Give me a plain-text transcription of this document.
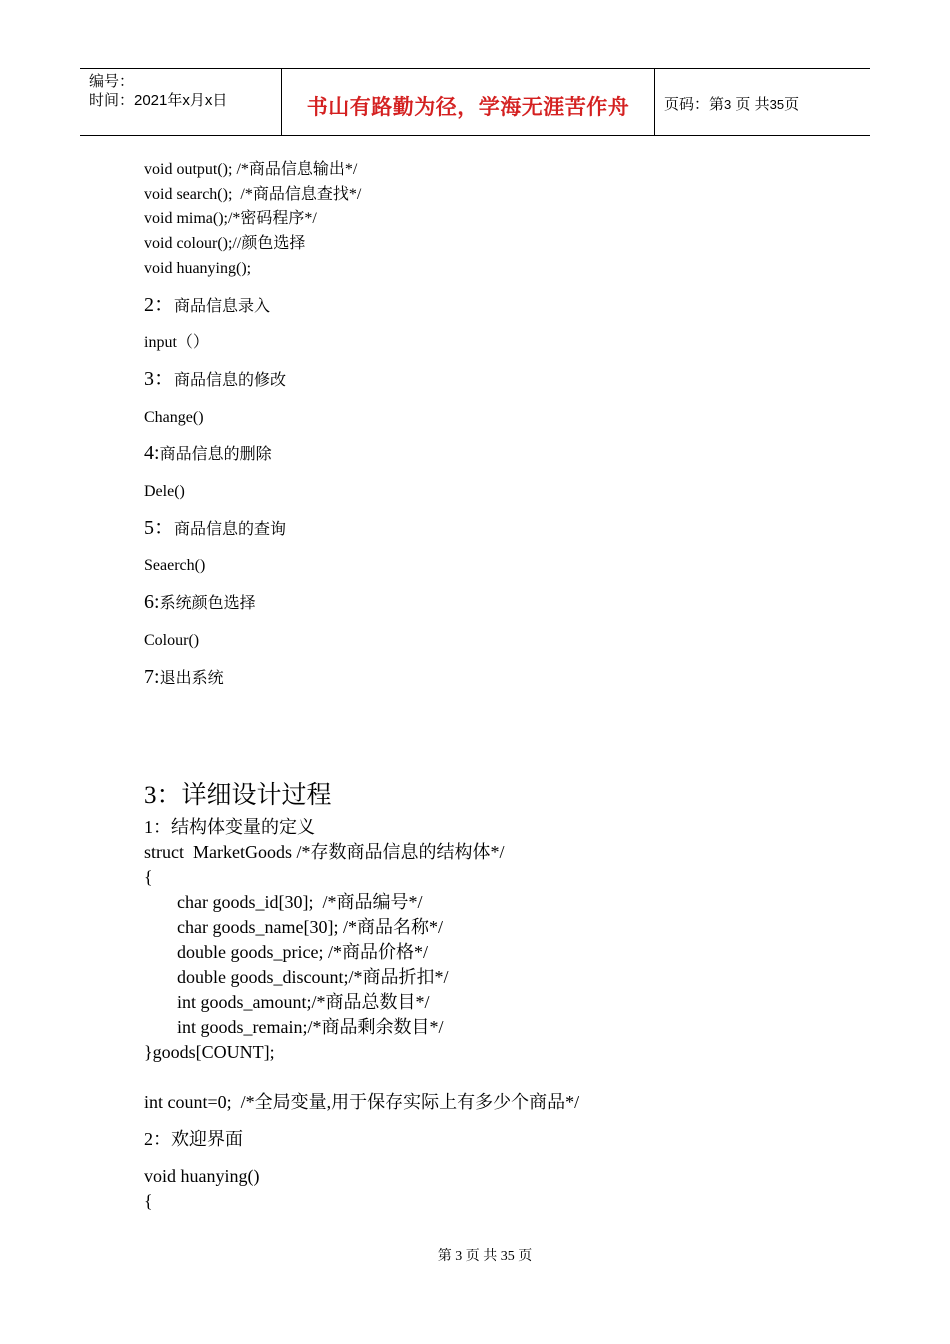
编号：
时间：2021年x月x日	书山有路勤为径，学海无涯苦作舟	页码：第3 页 共35页

void output(); /*商品信息输出*/

void search();  /*商品信息查找*/

void mima();/*密码程序*/

void colour();//颜色选择

void huanying();

2：商品信息录入

input（）

3：商品信息的修改

Change()

4:商品信息的删除

Dele()

5：商品信息的查询

Seaerch()

6:系统颜色选择

Colour()

7:退出系统

3：详细设计过程

1：结构体变量的定义

struct  MarketGoods /*存数商品信息的结构体*/

{

char goods_id[30];  /*商品编号*/

char goods_name[30]; /*商品名称*/

double goods_price; /*商品价格*/

double goods_discount;/*商品折扣*/

int goods_amount;/*商品总数目*/

int goods_remain;/*商品剩余数目*/

}goods[COUNT];

int count=0;  /*全局变量,用于保存实际上有多少个商品*/

2：欢迎界面

void huanying()

{

第 3 页 共 35 页
